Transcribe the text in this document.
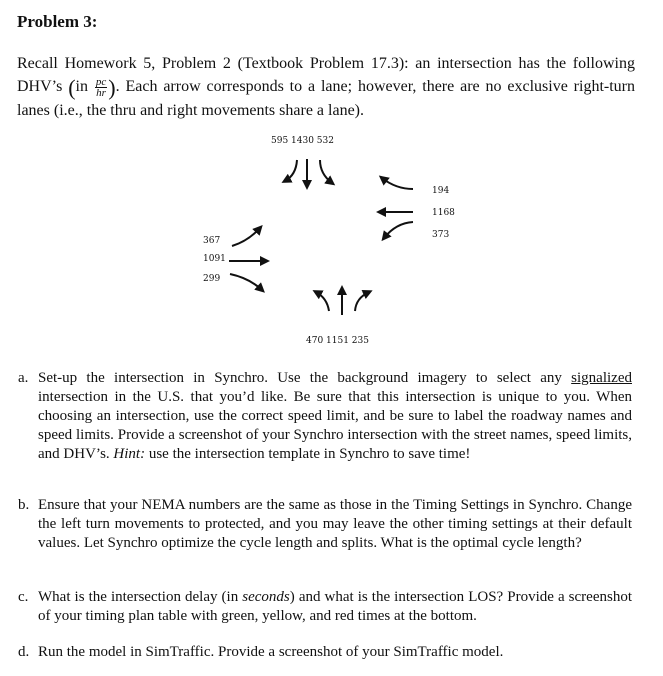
Problem 3:
Recall Homework 5, Problem 2 (Textbook Problem 17.3): an intersection has the following DHV’s ($in \frac{pc}{hr}$ ). Each arrow corresponds to a lane; however, there are no exclusive right-turn lanes (i.e., the thru and right movements share a lane).
595 1430 532
194
1168
373
367
1091
299
470 1151 235
a. Set-up the intersection in Synchro. Use the background imagery to select any signalized intersection in the U.S. that you’d like. Be sure that this intersection is unique to you. When choosing an intersection, use the correct speed limit, and be sure to label the roadway names and speed limits. Provide a screenshot of your Synchro intersection with the street names, speed limits, and DHV’s. Hint: use the intersection template in Synchro to save time!
b. Ensure that your NEMA numbers are the same as those in the Timing Settings in Synchro. Change the left turn movements to protected, and you may leave the other timing settings at their default values. Let Synchro optimize the cycle length and splits. What is the optimal cycle length?
c. What is the intersection delay (in seconds) and what is the intersection LOS? Provide a screenshot of your timing plan table with green, yellow, and red times at the bottom.
d. Run the model in SimTraffic. Provide a screenshot of your SimTraffic model.
